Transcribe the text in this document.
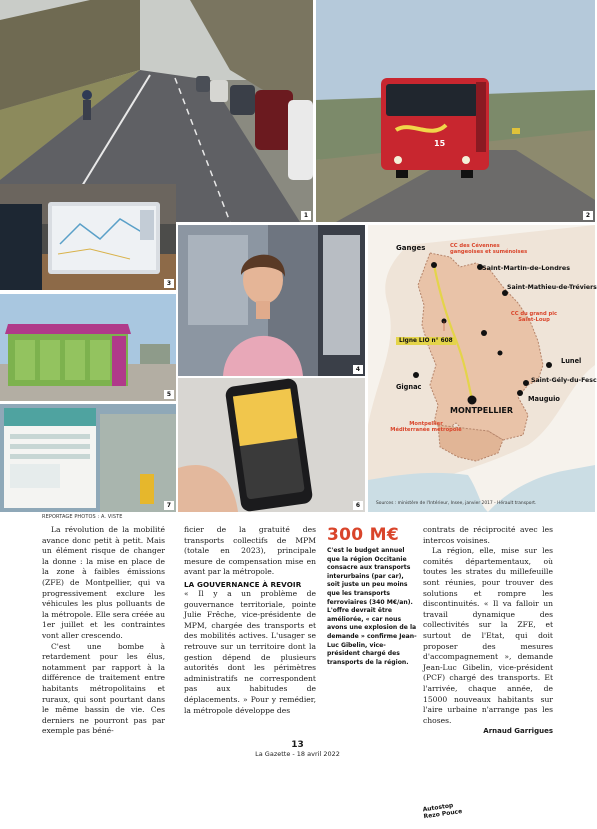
1
15
2
3
4
5
Autostop Rezo Pouce
6
Mode d'emploi
Pétrole
7
Ganges	CC des Cévennes gangeoises et suménoises
Saint-Martin-de-Londres
Saint-Mathieu-de-Tréviers
CC du grand pic Saint-Loup
Ligne LiO n° 608
Lunel
Saint-Gély-du-Fesc
Gignac
Mauguio
MONTPELLIER
Montpellier Méditerranée métropole
Sources : ministère de l'Intérieur, Insee, janvier 2017 - Hérault transport.
REPORTAGE PHOTOS : A. VISTE

La révolution de la mobilité avance donc petit à petit. Mais un élément risque de changer la donne : la mise en place de la zone à faibles émissions (ZFE) de Montpellier, qui va progressivement exclure les véhicules les plus polluants de la métropole. Elle sera créée au 1er juillet et les contraintes vont aller crescendo.

C'est une bombe à retardement pour les élus, notamment par rapport à la différence de traitement entre habitants métropolitains et ruraux, qui sont pourtant dans le même bassin de vie. Ces derniers ne pourront pas par exemple pas béné-

ficier de la gratuité des transports collectifs de MPM (totale en 2023), principale mesure de compensation mise en avant par la métropole.

LA GOUVERNANCE À REVOIR

« Il y a un problème de gouvernance territoriale, pointe Julie Frêche, vice-présidente de MPM, chargée des transports et des mobilités actives. L'usager se retrouve sur un territoire dont la gestion dépend de plusieurs autorités dont les périmètres administratifs ne correspondent pas aux habitudes de déplacements. » Pour y remédier, la métropole développe des

300 M€
C'est le budget annuel que la région Occitanie consacre aux transports interurbains (par car), soit juste un peu moins que les transports ferroviaires (340 M€/an). L'offre devrait être améliorée, « car nous avons une explosion de la demande » confirme Jean-Luc Gibelin, vice-président chargé des transports de la région.

contrats de réciprocité avec les intercos voisines.

La région, elle, mise sur les comités départementaux, où toutes les strates du millefeuille sont réunies, pour trouver des solutions et rompre les discontinuités. « Il va falloir un travail dynamique des collectivités sur la ZFE, et surtout de l'Etat, qui doit proposer des mesures d'accompagnement », demande Jean-Luc Gibelin, vice-président (PCF) chargé des transports. Et l'arrivée, chaque année, de 15000 nouveaux habitants sur l'aire urbaine n'arrange pas les choses.

Arnaud Garrigues
13
La Gazette - 18 avril 2022
